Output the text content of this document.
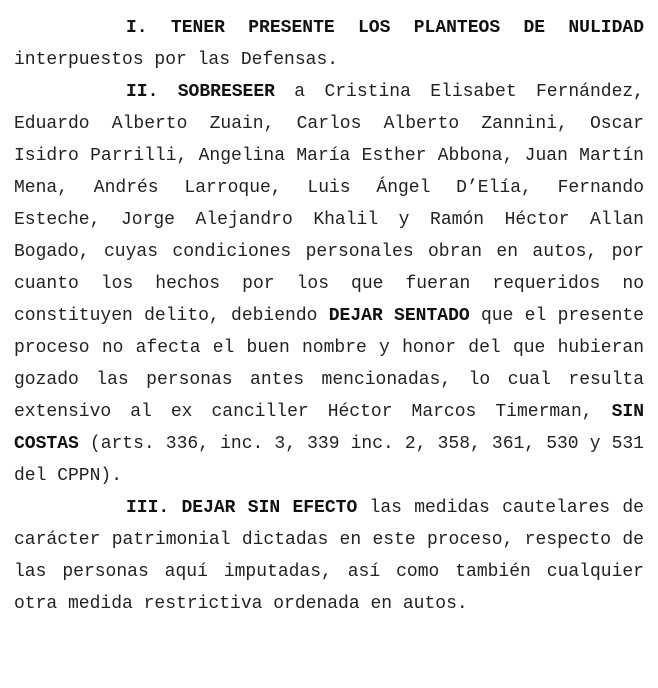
I. TENER PRESENTE LOS PLANTEOS DE NULIDAD

interpuestos por las Defensas.

II. SOBRESEER a Cristina Elisabet Fernández, Eduardo Alberto Zuain, Carlos Alberto Zannini, Oscar Isidro Parrilli, Angelina María Esther Abbona, Juan Martín Mena, Andrés Larroque, Luis Ángel D’Elía, Fernando Esteche, Jorge Alejandro Khalil y Ramón Héctor Allan Bogado, cuyas condiciones personales obran en autos, por cuanto los hechos por los que fueran requeridos no constituyen delito, debiendo DEJAR SENTADO que el presente proceso no afecta el buen nombre y honor del que hubieran gozado las personas antes mencionadas, lo cual resulta extensivo al ex canciller Héctor Marcos Timerman, SIN COSTAS (arts. 336, inc. 3, 339 inc. 2, 358, 361, 530 y 531 del CPPN).

III. DEJAR SIN EFECTO las medidas cautelares de carácter patrimonial dictadas en este proceso, respecto de las personas aquí imputadas, así como también cualquier otra medida restrictiva ordenada en autos.
